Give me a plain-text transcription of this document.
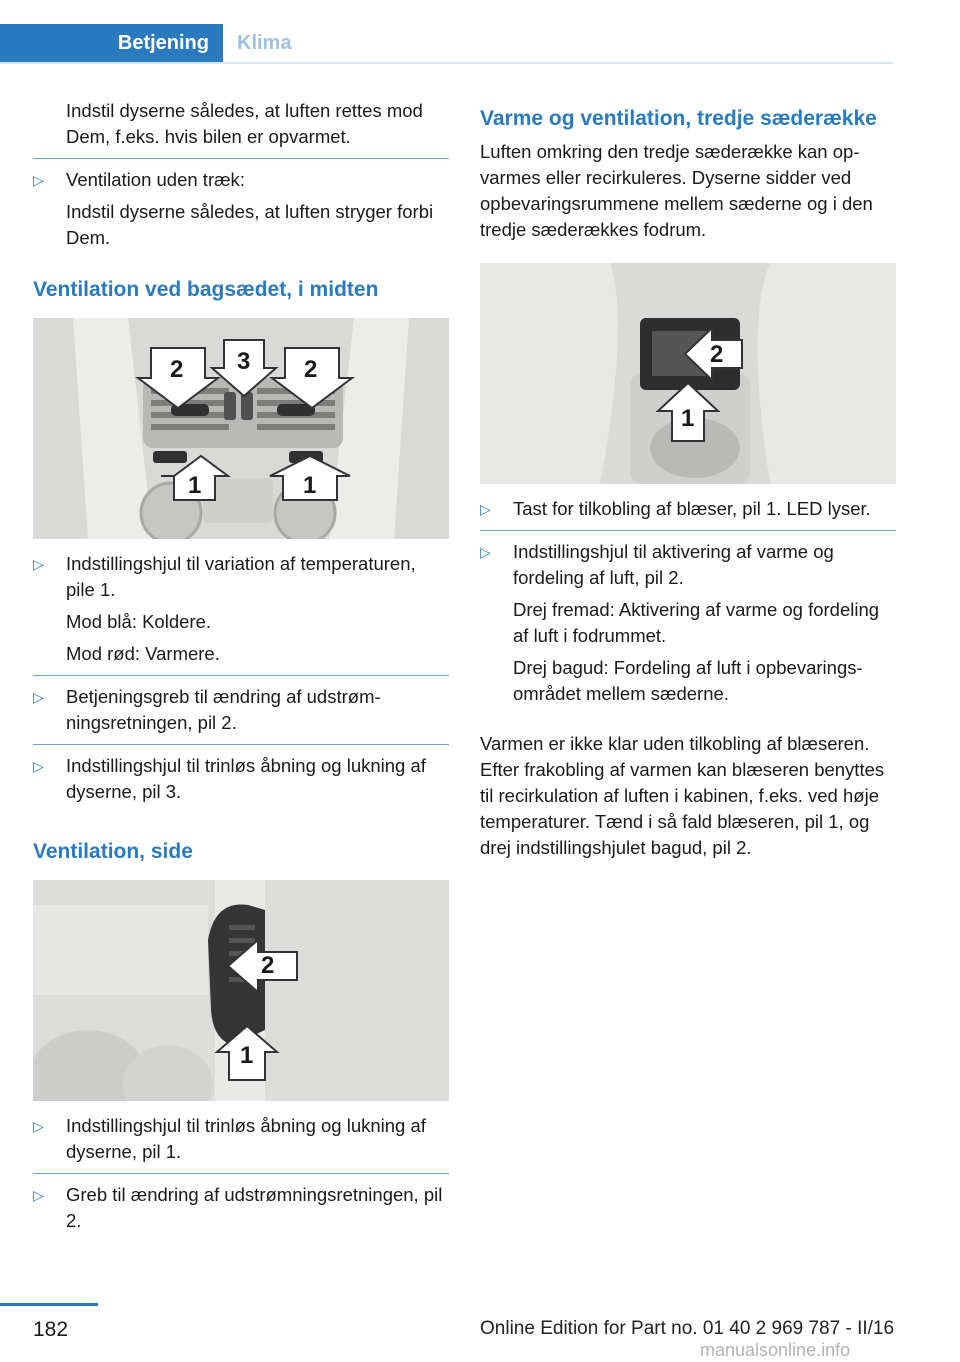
Betjening	Klima

Indstil dyserne således, at luften rettes mod Dem, f.eks. hvis bilen er opvarmet.

▷ Ventilation uden træk:

Indstil dyserne således, at luften stryger forbi Dem.

Ventilation ved bagsædet, i midten
2 3 2
1	1
▷ Indstillingshjul til variation af temperaturen, pile 1.

Mod blå: Koldere.

Mod rød: Varmere.

▷ Betjeningsgreb til ændring af udstrømningsretningen, pil 2.
▷ Indstillingshjul til trinløs åbning og lukning af dyserne, pil 3.
Ventilation, side
2
1
▷ Indstillingshjul til trinløs åbning og lukning af dyserne, pil 1.
▷ Greb til ændring af udstrømningsretningen, pil 2.
Varme og ventilation, tredje sæderække

Luften omkring den tredje sæderække kan opvarmes eller recirkuleres. Dyserne sidder ved opbevaringsrummene mellem sæderne og i den tredje sæderækkes fodrum.

2
1
▷ Tast for tilkobling af blæser, pil 1. LED lyser.
▷ Indstillingshjul til aktivering af varme og fordeling af luft, pil 2.

Drej fremad: Aktivering af varme og fordeling af luft i fodrummet.

Drej bagud: Fordeling af luft i opbevaringsområdet mellem sæderne.

Varmen er ikke klar uden tilkobling af blæseren. Efter frakobling af varmen kan blæseren benyttes til recirkulation af luften i kabinen, f.eks. ved høje temperaturer. Tænd i så fald blæseren, pil 1, og drej indstillingshjulet bagud, pil 2.

182	Online Edition for Part no. 01 40 2 969 787 - II/16
manualsonline.info
